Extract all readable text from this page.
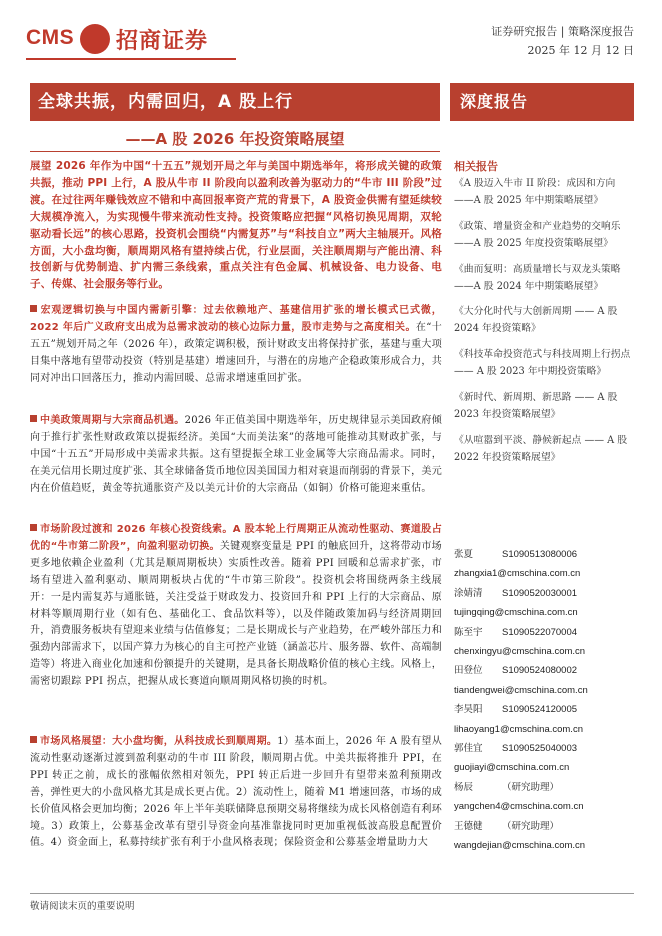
CMS 招商证券	证券研究报告 | 策略深度报告
2025 年 12 月 12 日
全球共振，内需回归，A 股上行
——A 股 2026 年投资策略展望
展望 2026 年作为中国“十五五”规划开局之年与美国中期选举年，将形成关键的政策共振，推动 PPI 上行，A 股从牛市 II 阶段向以盈利改善为驱动力的“牛市 III 阶段”过渡。在过往两年赚钱效应不错和中高回报率资产荒的背景下，A 股资金供需有望延续较大规模净流入，为实现慢牛带来流动性支持。投资策略应把握“风格切换见周期，双轮驱动看长远”的核心思路，投资机会围绕“内需复苏”与“科技自立”两大主轴展开。风格方面，大小盘均衡，顺周期风格有望持续占优，行业层面，关注顺周期与产能出清、科技创新与优势制造、扩内需三条线索，重点关注有色金属、机械设备、电力设备、电子、传媒、社会服务等行业。
宏观逻辑切换与中国内需新引擎：过去依赖地产、基建信用扩张的增长模式已式微，2022 年后广义政府支出成为总需求波动的核心边际力量，股市走势与之高度相关。在“十五五”规划开局之年（2026 年），政策定调积极，预计财政支出将保持扩张，基建与重大项目集中落地有望带动投资（特别是基建）增速回升，与潜在的房地产企稳政策形成合力，共同对冲出口回落压力，推动内需回暖、总需求增速重回扩张。
中美政策周期与大宗商品机遇。2026 年正值美国中期选举年，历史规律显示美国政府倾向于推行扩张性财政政策以提振经济。美国“大而美法案”的落地可能推动其财政扩张，与中国“十五五”开局形成中美需求共振。这有望提振全球工业金属等大宗商品需求。同时，在美元信用长期过度扩张、其全球储备货币地位因美国国力相对衰退而削弱的背景下，美元内在价值趋贬，黄金等抗通胀资产及以美元计价的大宗商品（如铜）价格可能迎来重估。
市场阶段过渡和 2026 年核心投资线索。A 股本轮上行周期正从流动性驱动、赛道股占优的“牛市第二阶段”，向盈利驱动切换。关键观察变量是 PPI 的触底回升，这将带动市场更多地依赖企业盈利（尤其是顺周期板块）实质性改善。随着 PPI 回暖和总需求扩张，市场有望进入盈利驱动、顺周期板块占优的“牛市第三阶段”。投资机会将围绕两条主线展开：一是内需复苏与通胀链，关注受益于财政发力、投资回升和 PPI 上行的大宗商品、原材料等顺周期行业（如有色、基础化工、食品饮料等），以及伴随政策加码与经济周期回升，消费服务板块有望迎来业绩与估值修复；二是长期成长与产业趋势，在严峻外部压力和强劲内部需求下，以国产算力为核心的自主可控产业链（涵盖芯片、服务器、软件、高端制造等）将进入商业化加速和份额提升的关键期，是具备长期战略价值的核心主线。风格上，需密切跟踪 PPI 拐点，把握从成长赛道向顺周期风格切换的时机。
市场风格展望：大小盘均衡，从科技成长到顺周期。1）基本面上，2026 年 A 股有望从流动性驱动逐渐过渡到盈利驱动的牛市 III 阶段，顺周期占优。中美共振将推升 PPI，在 PPI 转正之前，成长的涨幅依然相对领先，PPI 转正后进一步回升有望带来盈利预期改善，弹性更大的小盘风格尤其是成长更占优。2）流动性上，随着 M1 增速回落，市场的成长价值风格会更加均衡；2026 年上半年美联储降息预期交易将继续为成长风格创造有利环境。3）政策上，公募基金改革有望引导资金向基准靠拢同时更加重视低波高股息配置价值。4）资金面上，私募持续扩张有利于小盘风格表现；保险资金和公募基金增量助力大
深度报告
相关报告
《A 股迈入牛市 II 阶段：成因和方向——A 股 2025 年中期策略展望》
《政策、增量资金和产业趋势的交响乐——A 股 2025 年度投资策略展望》
《曲而复明：高质量增长与双龙头策略——A 股 2024 年中期策略展望》
《大分化时代与大创新周期 —— A 股 2024 年投资策略》
《科技革命投资范式与科技周期上行拐点 —— A 股 2023 年中期投资策略》
《新时代、新周期、新思路 —— A 股 2023 年投资策略展望》
《从喧嚣到平淡、静候新起点 —— A 股 2022 年投资策略展望》
张夏	S1090513080006
zhangxia1@cmschina.com.cn
涂婧清 S1090520030001
tujingqing@cmschina.com.cn
陈至宇 S1090522070004
chenxingyu@cmschina.com.cn
田登位 S1090524080002
tiandengwei@cmschina.com.cn
李昊阳 S1090524120005
lihaoyang1@cmschina.com.cn
郭佳宜 S1090525040003
guojiayi@cmschina.com.cn
杨辰	（研究助理）
yangchen4@cmschina.com.cn
王德健 （研究助理）
wangdejian@cmschina.com.cn
敬请阅读末页的重要说明
